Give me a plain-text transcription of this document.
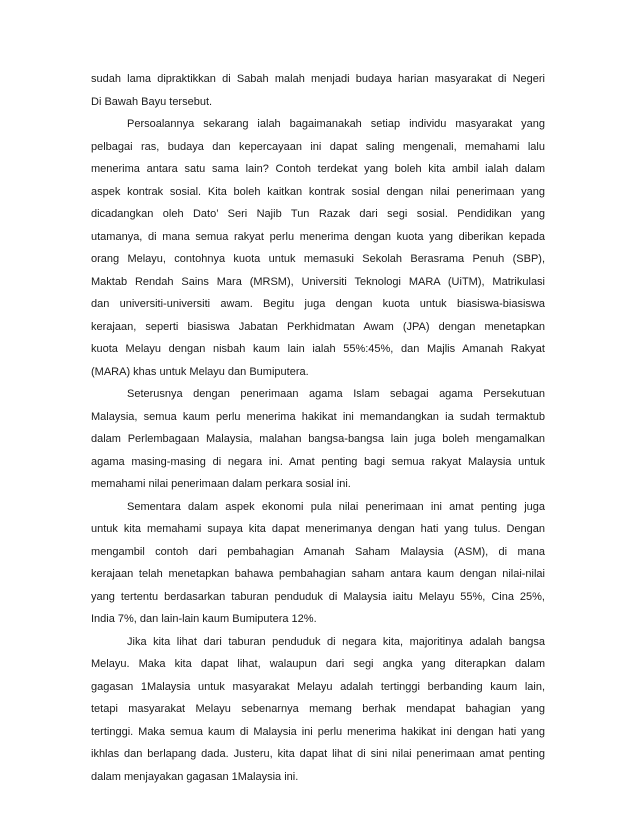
sudah lama dipraktikkan di Sabah malah menjadi budaya harian masyarakat di Negeri
Di Bawah Bayu tersebut.
Persoalannya sekarang ialah bagaimanakah setiap individu masyarakat yang
pelbagai ras, budaya dan kepercayaan ini dapat saling mengenali, memahami lalu
menerima antara satu sama lain? Contoh terdekat yang boleh kita ambil ialah dalam
aspek kontrak sosial. Kita boleh kaitkan kontrak sosial dengan nilai penerimaan yang
dicadangkan oleh Dato’ Seri Najib Tun Razak dari segi sosial. Pendidikan yang
utamanya, di mana semua rakyat perlu menerima dengan kuota yang diberikan kepada
orang Melayu, contohnya kuota untuk memasuki Sekolah Berasrama Penuh (SBP),
Maktab Rendah Sains Mara (MRSM), Universiti Teknologi MARA (UiTM), Matrikulasi
dan universiti-universiti awam. Begitu juga dengan kuota untuk biasiswa-biasiswa
kerajaan, seperti biasiswa Jabatan Perkhidmatan Awam (JPA) dengan menetapkan
kuota Melayu dengan nisbah kaum lain ialah 55%:45%, dan Majlis Amanah Rakyat
(MARA) khas untuk Melayu dan Bumiputera.
Seterusnya dengan penerimaan agama Islam sebagai agama Persekutuan
Malaysia, semua kaum perlu menerima hakikat ini memandangkan ia sudah termaktub
dalam Perlembagaan Malaysia, malahan bangsa-bangsa lain juga boleh mengamalkan
agama masing-masing di negara ini. Amat penting bagi semua rakyat Malaysia untuk
memahami nilai penerimaan dalam perkara sosial ini.
Sementara dalam aspek ekonomi pula nilai penerimaan ini amat penting juga
untuk kita memahami supaya kita dapat menerimanya dengan hati yang tulus. Dengan
mengambil contoh dari pembahagian Amanah Saham Malaysia (ASM), di mana
kerajaan telah menetapkan bahawa pembahagian saham antara kaum dengan nilai-nilai
yang tertentu berdasarkan taburan penduduk di Malaysia iaitu Melayu 55%, Cina 25%,
India 7%, dan lain-lain kaum Bumiputera 12%.
Jika kita lihat dari taburan penduduk di negara kita, majoritinya adalah bangsa
Melayu. Maka kita dapat lihat, walaupun dari segi angka yang diterapkan dalam
gagasan 1Malaysia untuk masyarakat Melayu adalah tertinggi berbanding kaum lain,
tetapi masyarakat Melayu sebenarnya memang berhak mendapat bahagian yang
tertinggi. Maka semua kaum di Malaysia ini perlu menerima hakikat ini dengan hati yang
ikhlas dan berlapang dada. Justeru, kita dapat lihat di sini nilai penerimaan amat penting
dalam menjayakan gagasan 1Malaysia ini.
